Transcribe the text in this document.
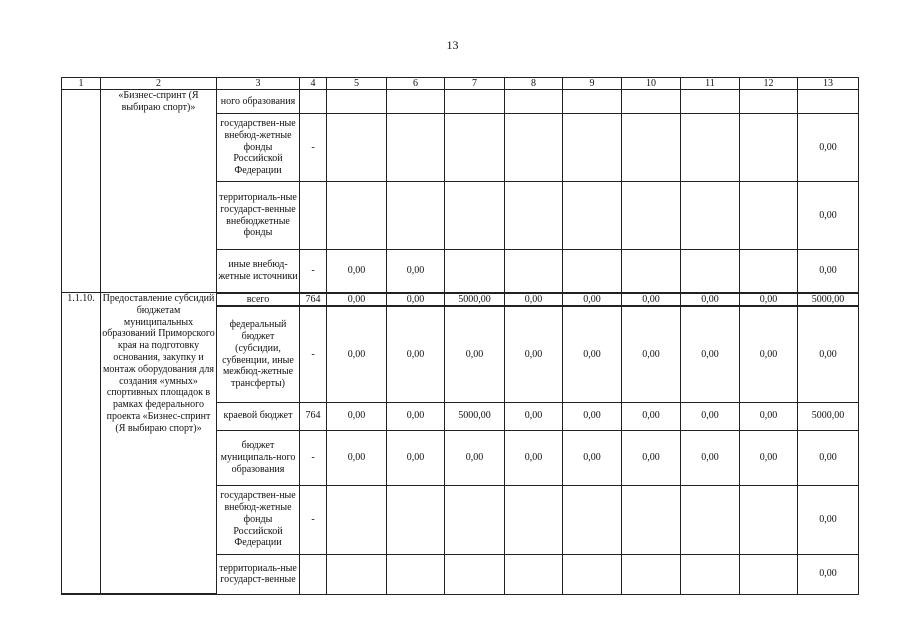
13
1	2	3	4	5	6	7	8	9	10	11	12	13
	«Бизнес-спринт (Я выбираю спорт)»	ного образования										
		государствен-ные внебюд-жетные фонды Российской Федерации	-									0,00
		территориаль-ные государст-венные внебюджетные фонды										0,00
		иные внебюд-жетные источники	-	0,00	0,00							0,00
1.1.10.	Предоставление субсидий бюджетам муниципальных образований Приморского края на подготовку основания, закупку и монтаж оборудования для создания «умных» спортивных площадок в рамках федерального проекта «Бизнес-спринт (Я выбираю спорт)»	всего	764	0,00	0,00	5000,00	0,00	0,00	0,00	0,00	0,00	5000,00
		федеральный бюджет (субсидии, субвенции, иные межбюд-жетные трансферты)	-	0,00	0,00	0,00	0,00	0,00	0,00	0,00	0,00	0,00
		краевой бюджет	764	0,00	0,00	5000,00	0,00	0,00	0,00	0,00	0,00	5000,00
		бюджет муниципаль-ного образования	-	0,00	0,00	0,00	0,00	0,00	0,00	0,00	0,00	0,00
		государствен-ные внебюд-жетные фонды Российской Федерации	-									0,00
		территориаль-ные государст-венные										0,00
